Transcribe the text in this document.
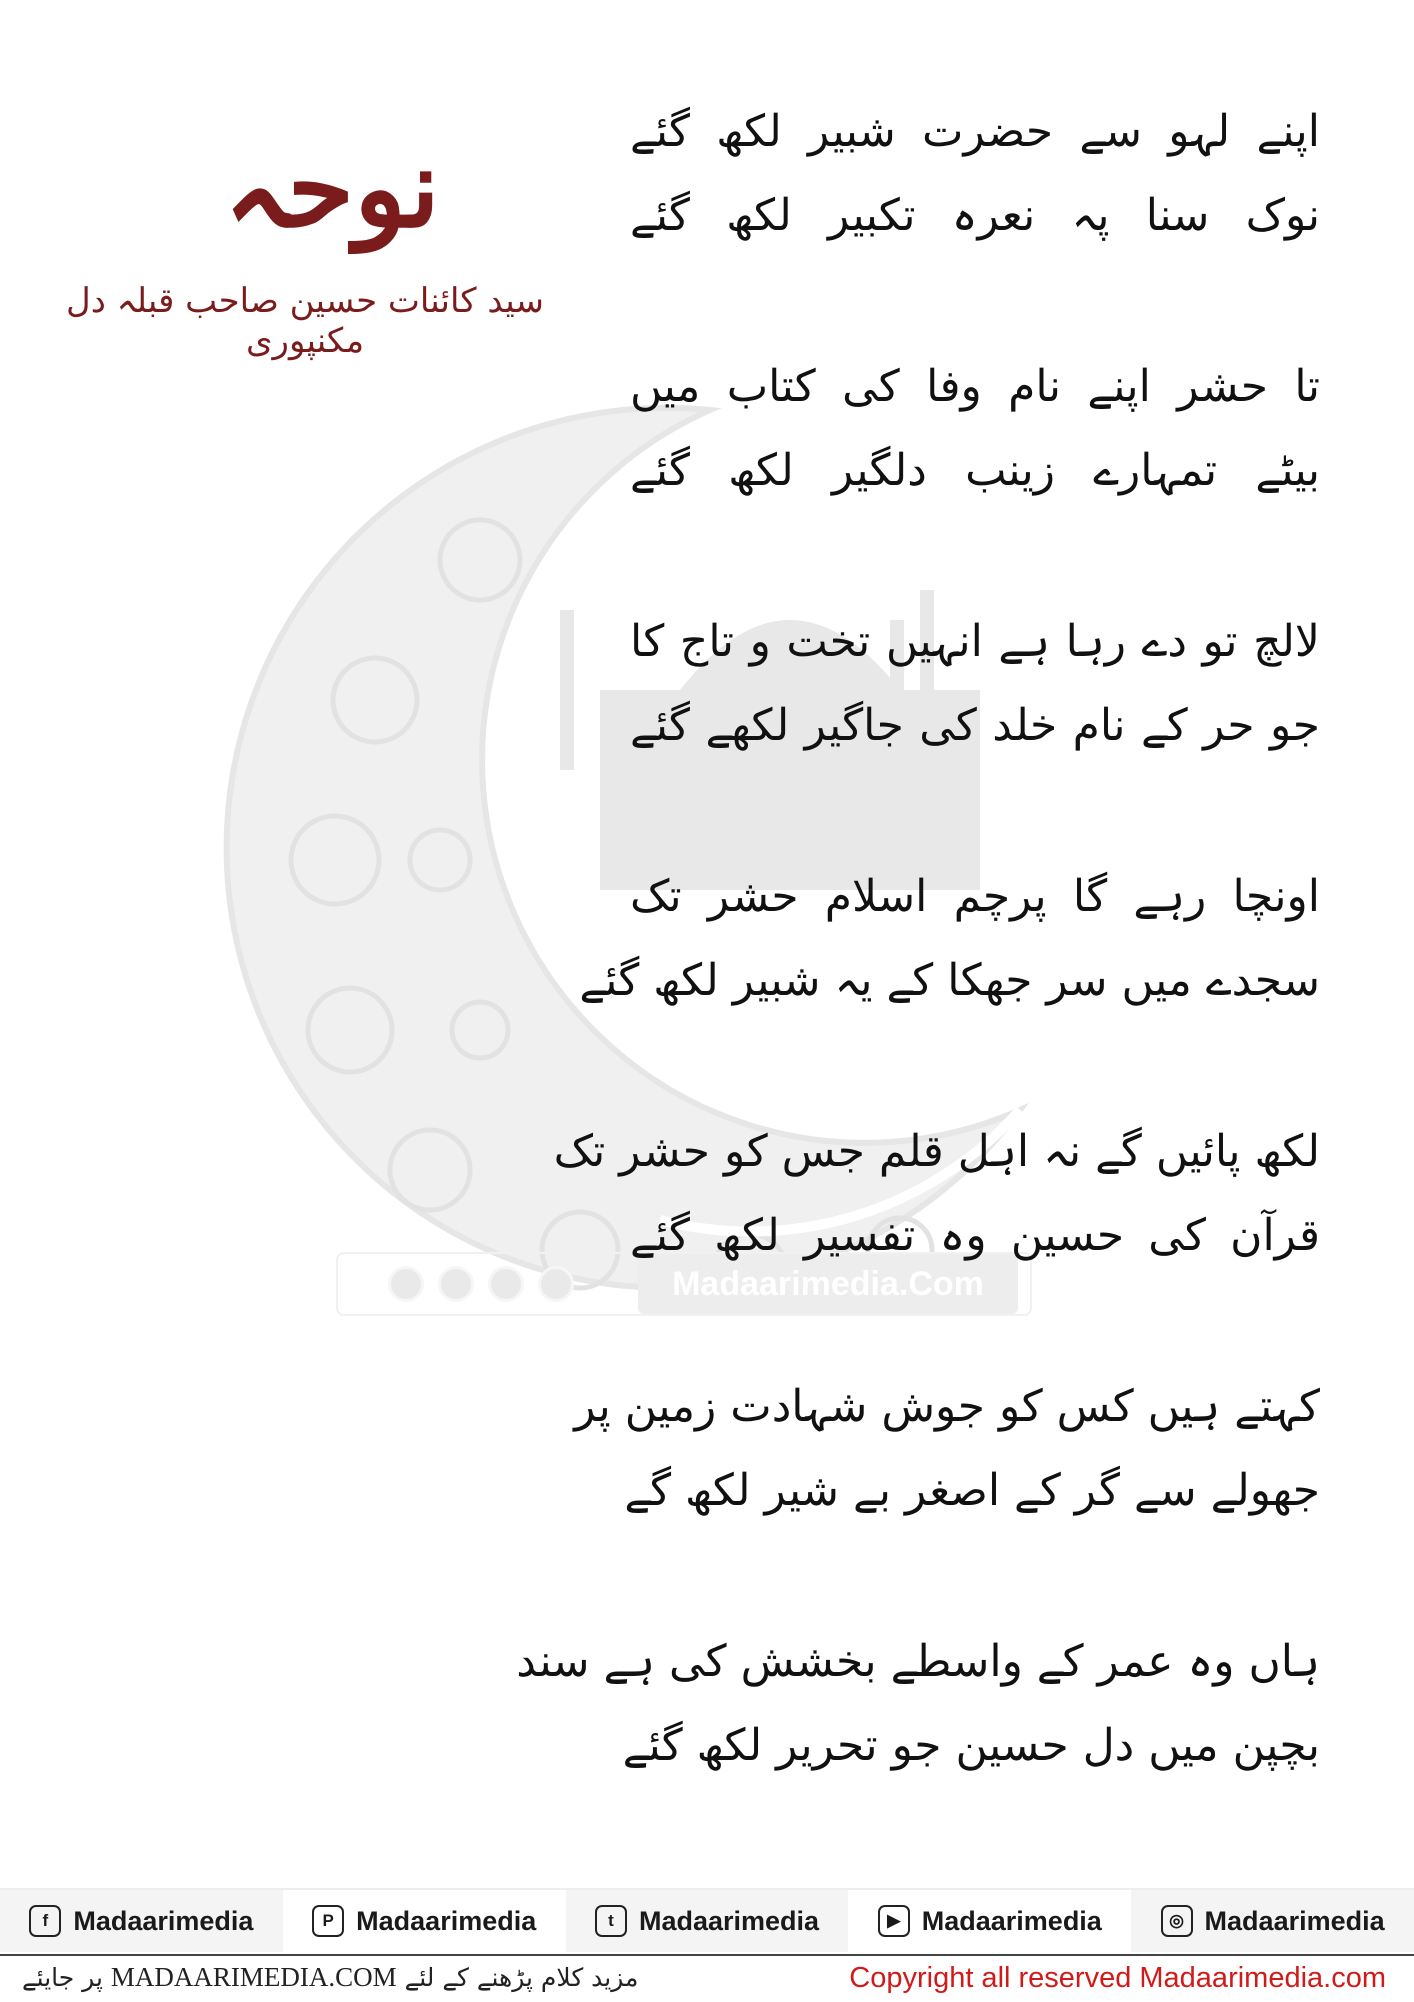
Madaarimedia.Com
نوحہ

سید کائنات حسین صاحب قبلہ دل مکنپوری

اپنے لہو سے حضرت شبیر لکھ گئے
نوک سنا پہ نعرہ تکبیر لکھ گئے
تا حشر اپنے نام وفا کی کتاب میں
بیٹے تمہارے زینب دلگیر لکھ گئے
لالچ تو دے رہا ہے انہیں تخت و تاج کا
جو حر کے نام خلد کی جاگیر لکھے گئے
اونچا رہے گا پرچم اسلام حشر تک
سجدے میں سر جھکا کے یہ شبیر لکھ گئے
لکھ پائیں گے نہ اہل قلم جس کو حشر تک
قرآن کی حسین وہ تفسیر لکھ گئے
کہتے ہیں کس کو جوش شہادت زمین پر
جھولے سے گر کے اصغر بے شیر لکھ گے
ہاں وہ عمر کے واسطے بخشش کی ہے سند
بچپن میں دل حسین جو تحریر لکھ گئے
f Madaarimedia	P Madaarimedia	t Madaarimedia	▶ Madaarimedia	◎ Madaarimedia
مزید کلام پڑھنے کے لئے MADAARIMEDIA.COM پر جایئے	Copyright all reserved Madaarimedia.com
